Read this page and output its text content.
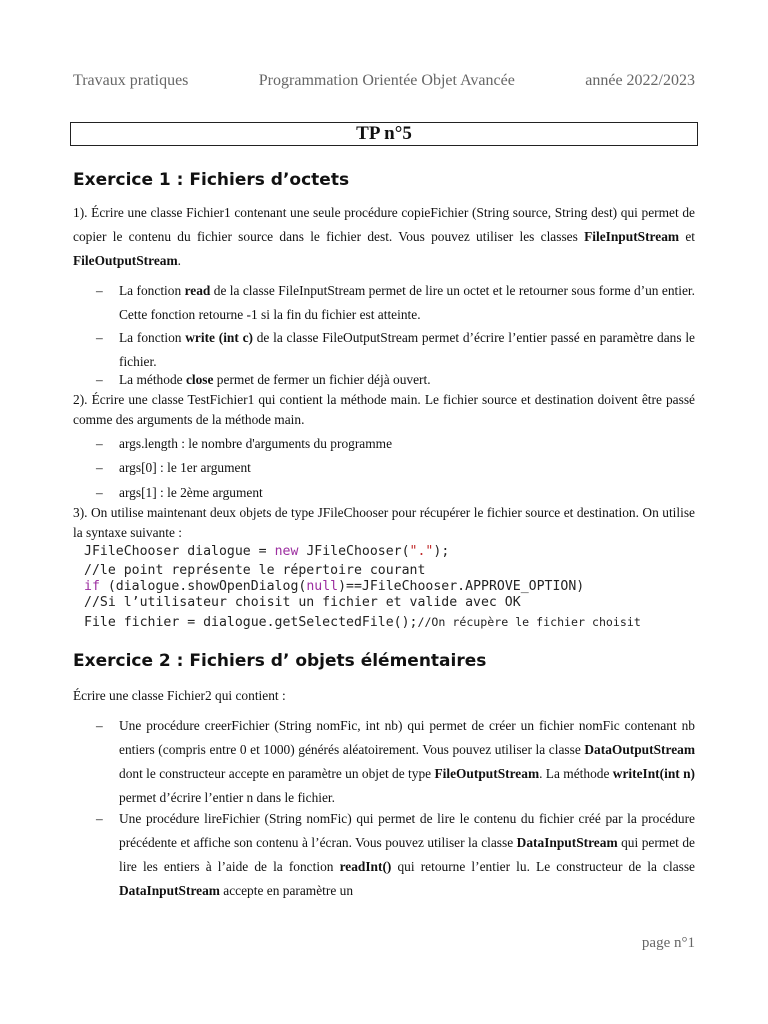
Travaux pratiques	Programmation Orientée Objet Avancée	année 2022/2023
TP n°5
Exercice 1 : Fichiers d’octets

1). Écrire une classe Fichier1 contenant une seule procédure copieFichier (String source, String dest) qui permet de copier le contenu du fichier source dans le fichier dest. Vous pouvez utiliser les classes FileInputStream et FileOutputStream.

– La fonction read de la classe FileInputStream permet de lire un octet et le retourner sous forme d’un entier. Cette fonction retourne -1 si la fin du fichier est atteinte.
– La fonction write (int c) de la classe FileOutputStream permet d’écrire l’entier passé en paramètre dans le fichier.
– La méthode close permet de fermer un fichier déjà ouvert.

2). Écrire une classe TestFichier1 qui contient la méthode main. Le fichier source et destination doivent être passé comme des arguments de la méthode main.

– args.length : le nombre d'arguments du programme
– args[0] : le 1er argument
– args[1] : le 2ème argument

3). On utilise maintenant deux objets de type JFileChooser pour récupérer le fichier source et destination. On utilise la syntaxe suivante :

JFileChooser dialogue = new JFileChooser(".");
//le point représente le répertoire courant
if (dialogue.showOpenDialog(null)==JFileChooser.APPROVE_OPTION)
//Si l’utilisateur choisit un fichier et valide avec OK
File fichier = dialogue.getSelectedFile();//On récupère le fichier choisit
Exercice 2 : Fichiers d’ objets élémentaires

Écrire une classe Fichier2 qui contient :

– Une procédure creerFichier (String nomFic, int nb) qui permet de créer un fichier nomFic contenant nb entiers (compris entre 0 et 1000) générés aléatoirement. Vous pouvez utiliser la classe DataOutputStream dont le constructeur accepte en paramètre un objet de type FileOutputStream. La méthode writeInt(int n) permet d’écrire l’entier n dans le fichier.
– Une procédure lireFichier (String nomFic) qui permet de lire le contenu du fichier créé par la procédure précédente et affiche son contenu à l’écran. Vous pouvez utiliser la classe DataInputStream qui permet de lire les entiers à l’aide de la fonction readInt() qui retourne l’entier lu. Le constructeur de la classe DataInputStream accepte en paramètre un
page n°1
